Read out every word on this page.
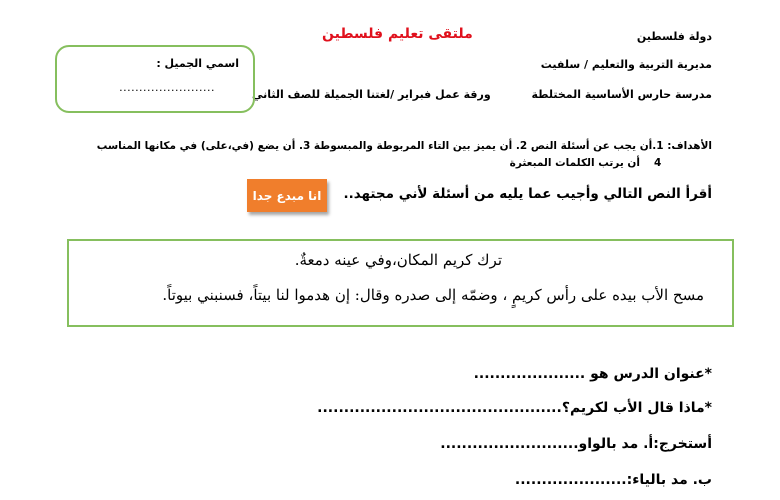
ملتقى تعليم فلسطين	دولة فلسطين
مديرية التربية والتعليم / سلفيت
مدرسة حارس الأساسية المختلطة
ورقة عمل فبراير /لغتنا الجميلة للصف الثاني
اسمي الجميل :
........................
الأهداف: 1.أن يجب عن أسئلة النص 2. أن يميز بين التاء المربوطة والمبسوطة 3. أن يضع (في،على) في مكانها المناسب
4
أن يرتب الكلمات المبعثرة
أقرأ النص التالي وأجيب عما يليه من أسئلة لأني مجتهد..
انا مبدع جدا
ترك كريم المكان،وفي عينه دمعةٌ.
مسح الأب بيده على رأس كريمٍ ، وضمّه إلى صدره وقال: إن هدموا لنا بيتاً، فسنبني بيوتاً.
*عنوان الدرس هو .....................
*ماذا قال الأب لكريم؟..............................................
أستخرج:أ. مد بالواو..........................
ب. مد بالياء:.....................
